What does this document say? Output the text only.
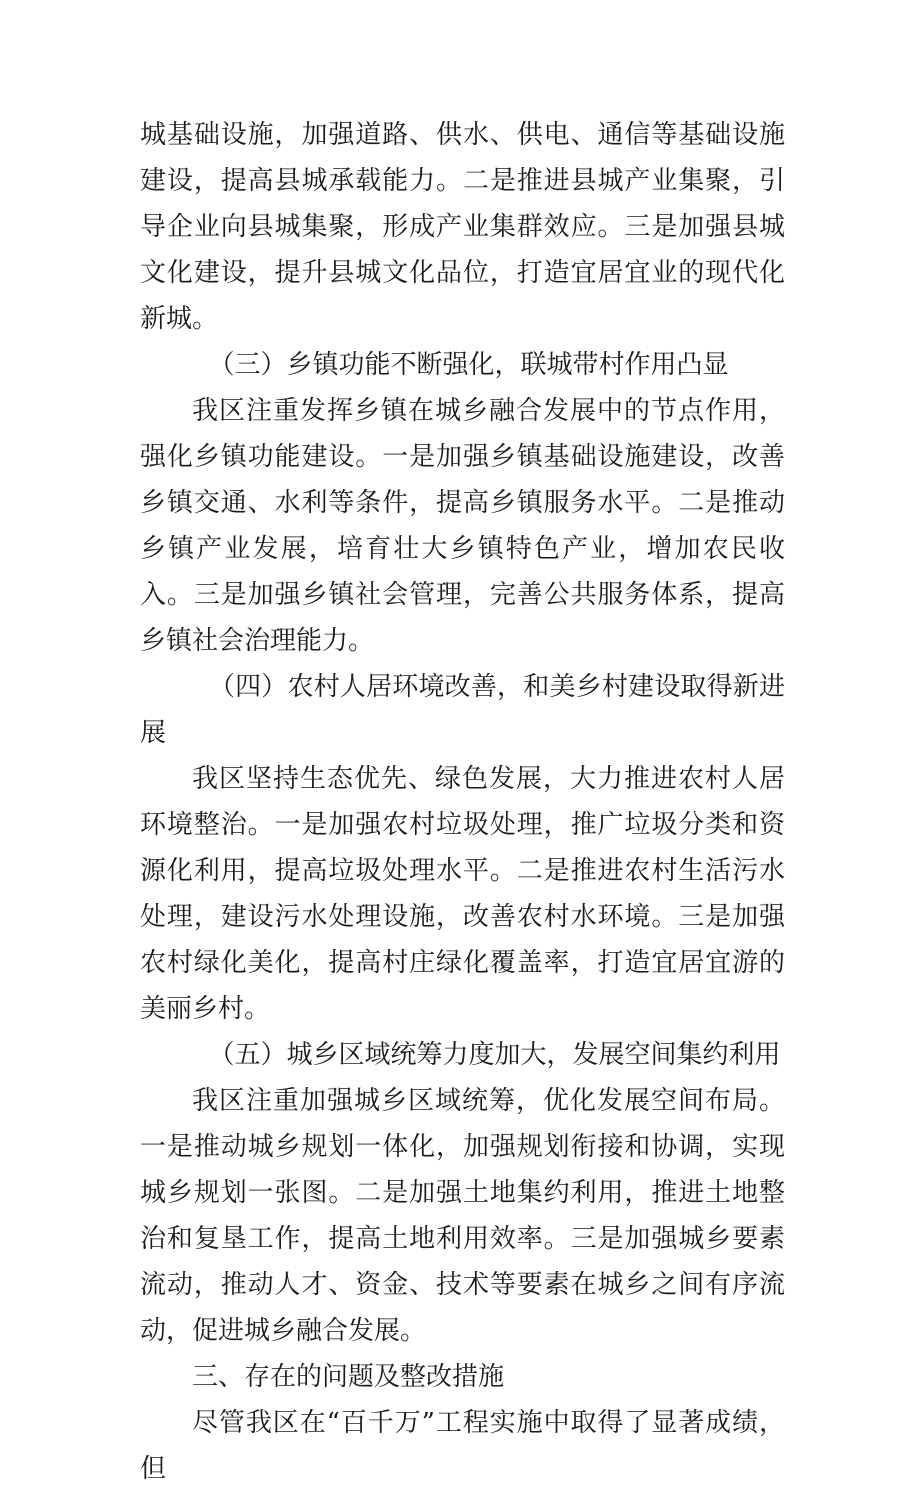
城基础设施，加强道路、供水、供电、通信等基础设施建设，提高县城承载能力。二是推进县城产业集聚，引导企业向县城集聚，形成产业集群效应。三是加强县城文化建设，提升县城文化品位，打造宜居宜业的现代化新城。

（三）乡镇功能不断强化，联城带村作用凸显

我区注重发挥乡镇在城乡融合发展中的节点作用，强化乡镇功能建设。一是加强乡镇基础设施建设，改善乡镇交通、水利等条件，提高乡镇服务水平。二是推动乡镇产业发展，培育壮大乡镇特色产业，增加农民收入。三是加强乡镇社会管理，完善公共服务体系，提高乡镇社会治理能力。

（四）农村人居环境改善，和美乡村建设取得新进展

我区坚持生态优先、绿色发展，大力推进农村人居环境整治。一是加强农村垃圾处理，推广垃圾分类和资源化利用，提高垃圾处理水平。二是推进农村生活污水处理，建设污水处理设施，改善农村水环境。三是加强农村绿化美化，提高村庄绿化覆盖率，打造宜居宜游的美丽乡村。

（五）城乡区域统筹力度加大，发展空间集约利用

我区注重加强城乡区域统筹，优化发展空间布局。一是推动城乡规划一体化，加强规划衔接和协调，实现城乡规划一张图。二是加强土地集约利用，推进土地整治和复垦工作，提高土地利用效率。三是加强城乡要素流动，推动人才、资金、技术等要素在城乡之间有序流动，促进城乡融合发展。

三、存在的问题及整改措施

尽管我区在“百千万”工程实施中取得了显著成绩，但
